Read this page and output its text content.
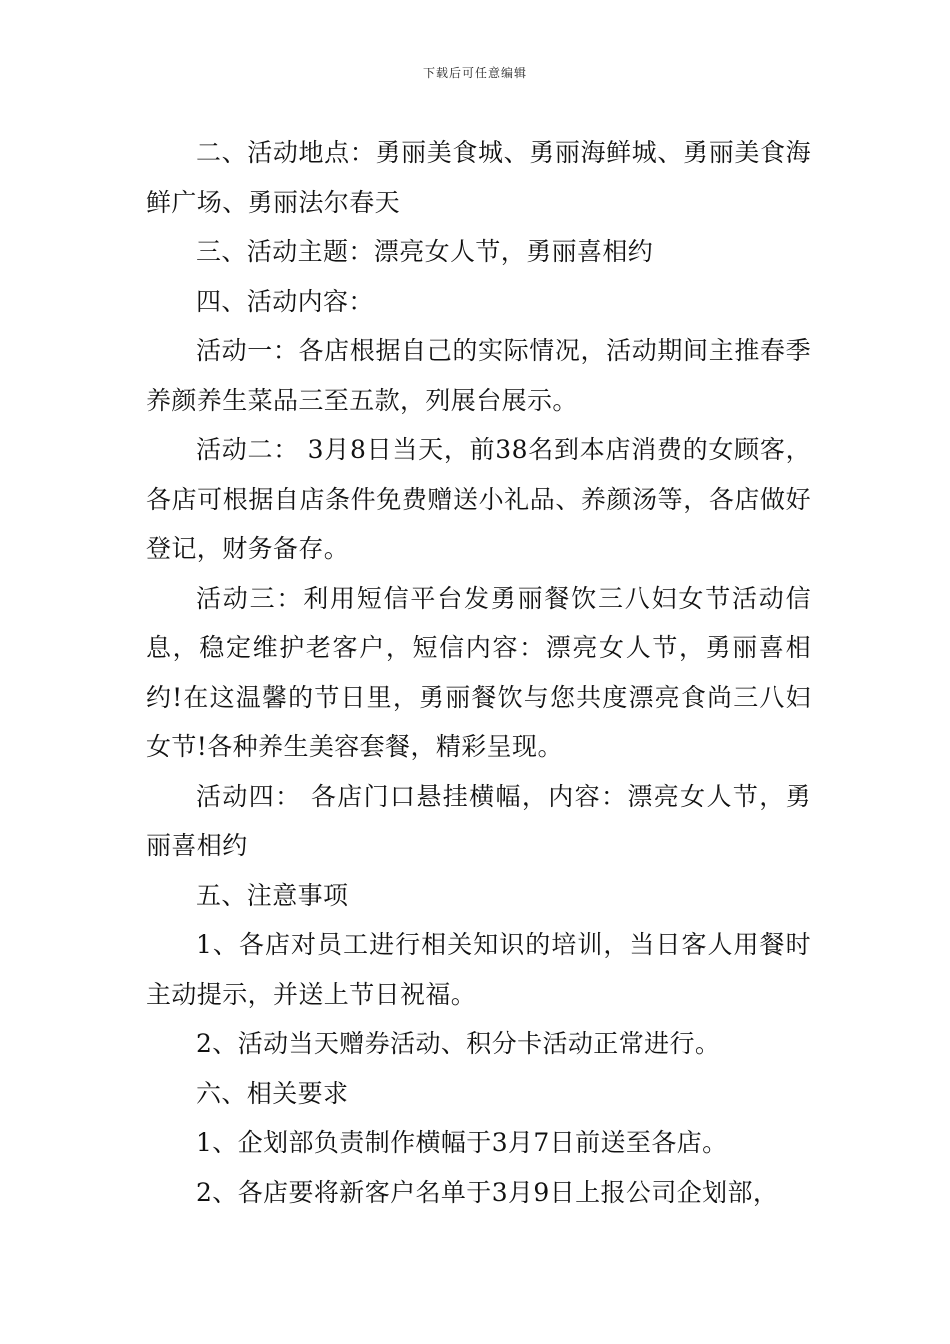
下载后可任意编辑

二、活动地点：勇丽美食城、勇丽海鲜城、勇丽美食海鲜广场、勇丽法尔春天

三、活动主题：漂亮女人节，勇丽喜相约

四、活动内容：

活动一：各店根据自己的实际情况，活动期间主推春季养颜养生菜品三至五款，列展台展示。

活动二： 3月8日当天，前38名到本店消费的女顾客，各店可根据自店条件免费赠送小礼品、养颜汤等，各店做好登记，财务备存。

活动三：利用短信平台发勇丽餐饮三八妇女节活动信息，稳定维护老客户，短信内容：漂亮女人节，勇丽喜相约!在这温馨的节日里，勇丽餐饮与您共度漂亮食尚三八妇女节!各种养生美容套餐，精彩呈现。

活动四： 各店门口悬挂横幅，内容：漂亮女人节，勇丽喜相约

五、注意事项

1、各店对员工进行相关知识的培训，当日客人用餐时主动提示，并送上节日祝福。

2、活动当天赠券活动、积分卡活动正常进行。

六、相关要求

1、企划部负责制作横幅于3月7日前送至各店。

2、各店要将新客户名单于3月9日上报公司企划部，
